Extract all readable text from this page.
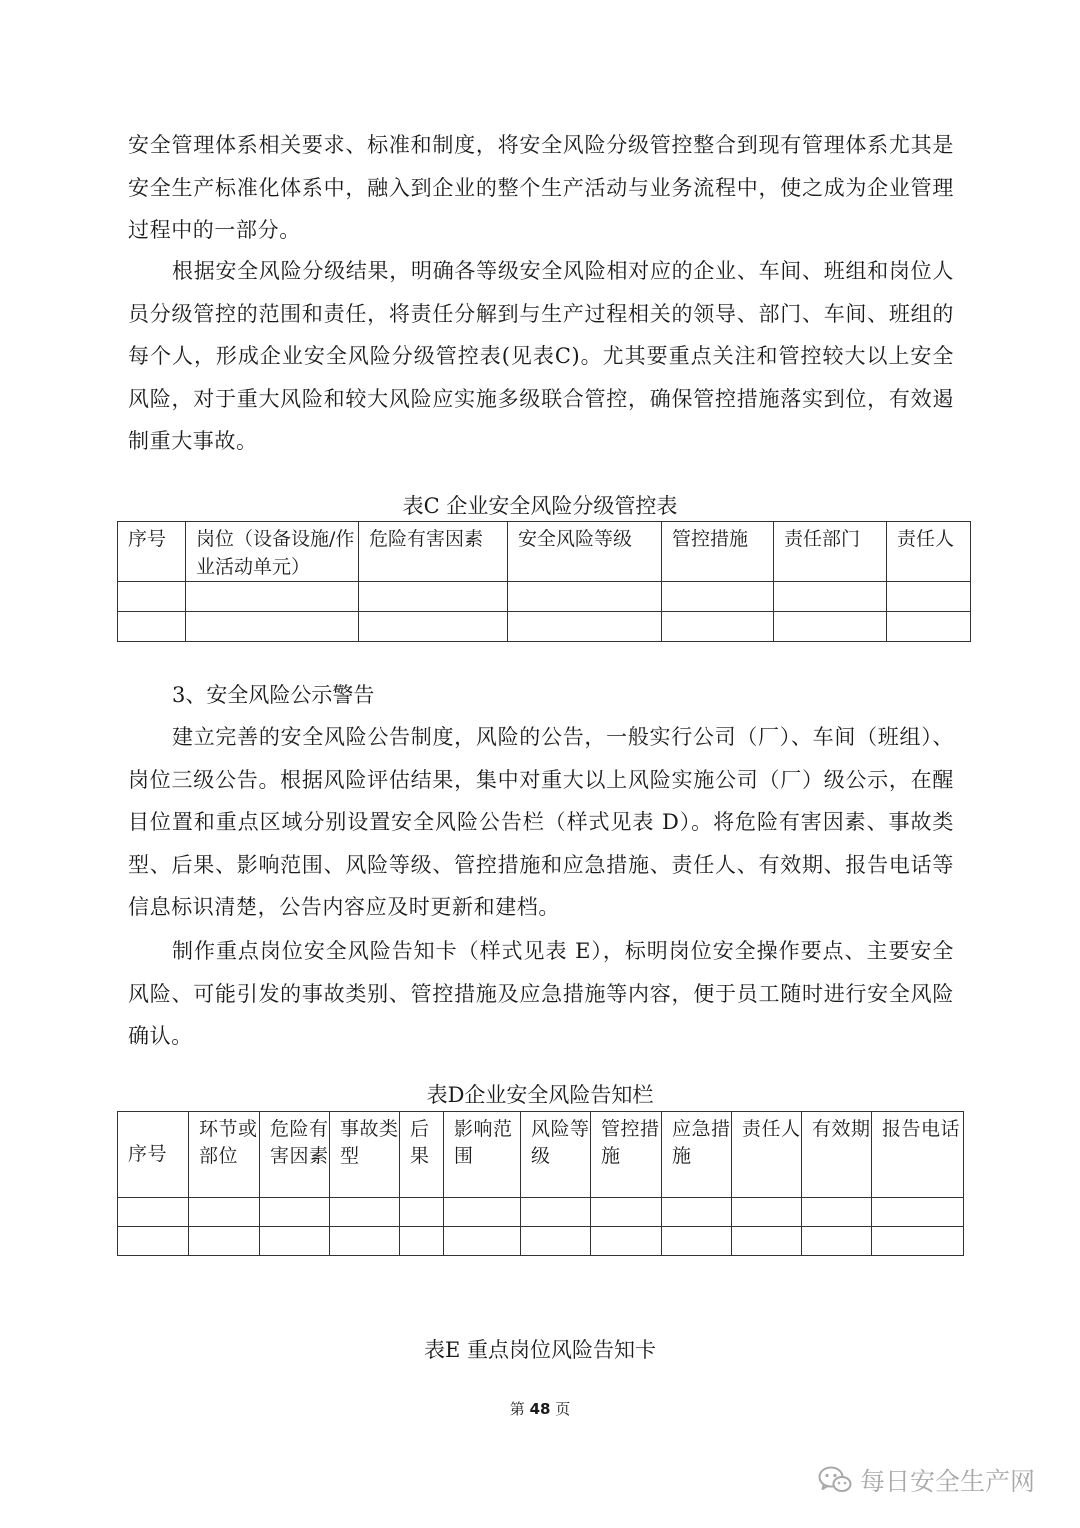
安全管理体系相关要求、标准和制度，将安全风险分级管控整合到现有管理体系尤其是安全生产标准化体系中，融入到企业的整个生产活动与业务流程中，使之成为企业管理过程中的一部分。

根据安全风险分级结果，明确各等级安全风险相对应的企业、车间、班组和岗位人员分级管控的范围和责任，将责任分解到与生产过程相关的领导、部门、车间、班组的每个人，形成企业安全风险分级管控表(见表C)。尤其要重点关注和管控较大以上安全风险，对于重大风险和较大风险应实施多级联合管控，确保管控措施落实到位，有效遏制重大事故。

表C 企业安全风险分级管控表
序号	岗位（设备设施/作业活动单元）	危险有害因素	安全风险等级	管控措施	责任部门	责任人

3、安全风险公示警告

建立完善的安全风险公告制度，风险的公告，一般实行公司（厂）、车间（班组）、岗位三级公告。根据风险评估结果，集中对重大以上风险实施公司（厂）级公示，在醒目位置和重点区域分别设置安全风险公告栏（样式见表 D）。将危险有害因素、事故类型、后果、影响范围、风险等级、管控措施和应急措施、责任人、有效期、报告电话等信息标识清楚，公告内容应及时更新和建档。

制作重点岗位安全风险告知卡（样式见表 E），标明岗位安全操作要点、主要安全风险、可能引发的事故类别、管控措施及应急措施等内容，便于员工随时进行安全风险确认。

表D企业安全风险告知栏
序号	环节或部位	危险有害因素	事故类型	后果	影响范围	风险等级	管控措施	应急措施	责任人	有效期	报告电话

表E 重点岗位风险告知卡
第 48 页
每日安全生产网
